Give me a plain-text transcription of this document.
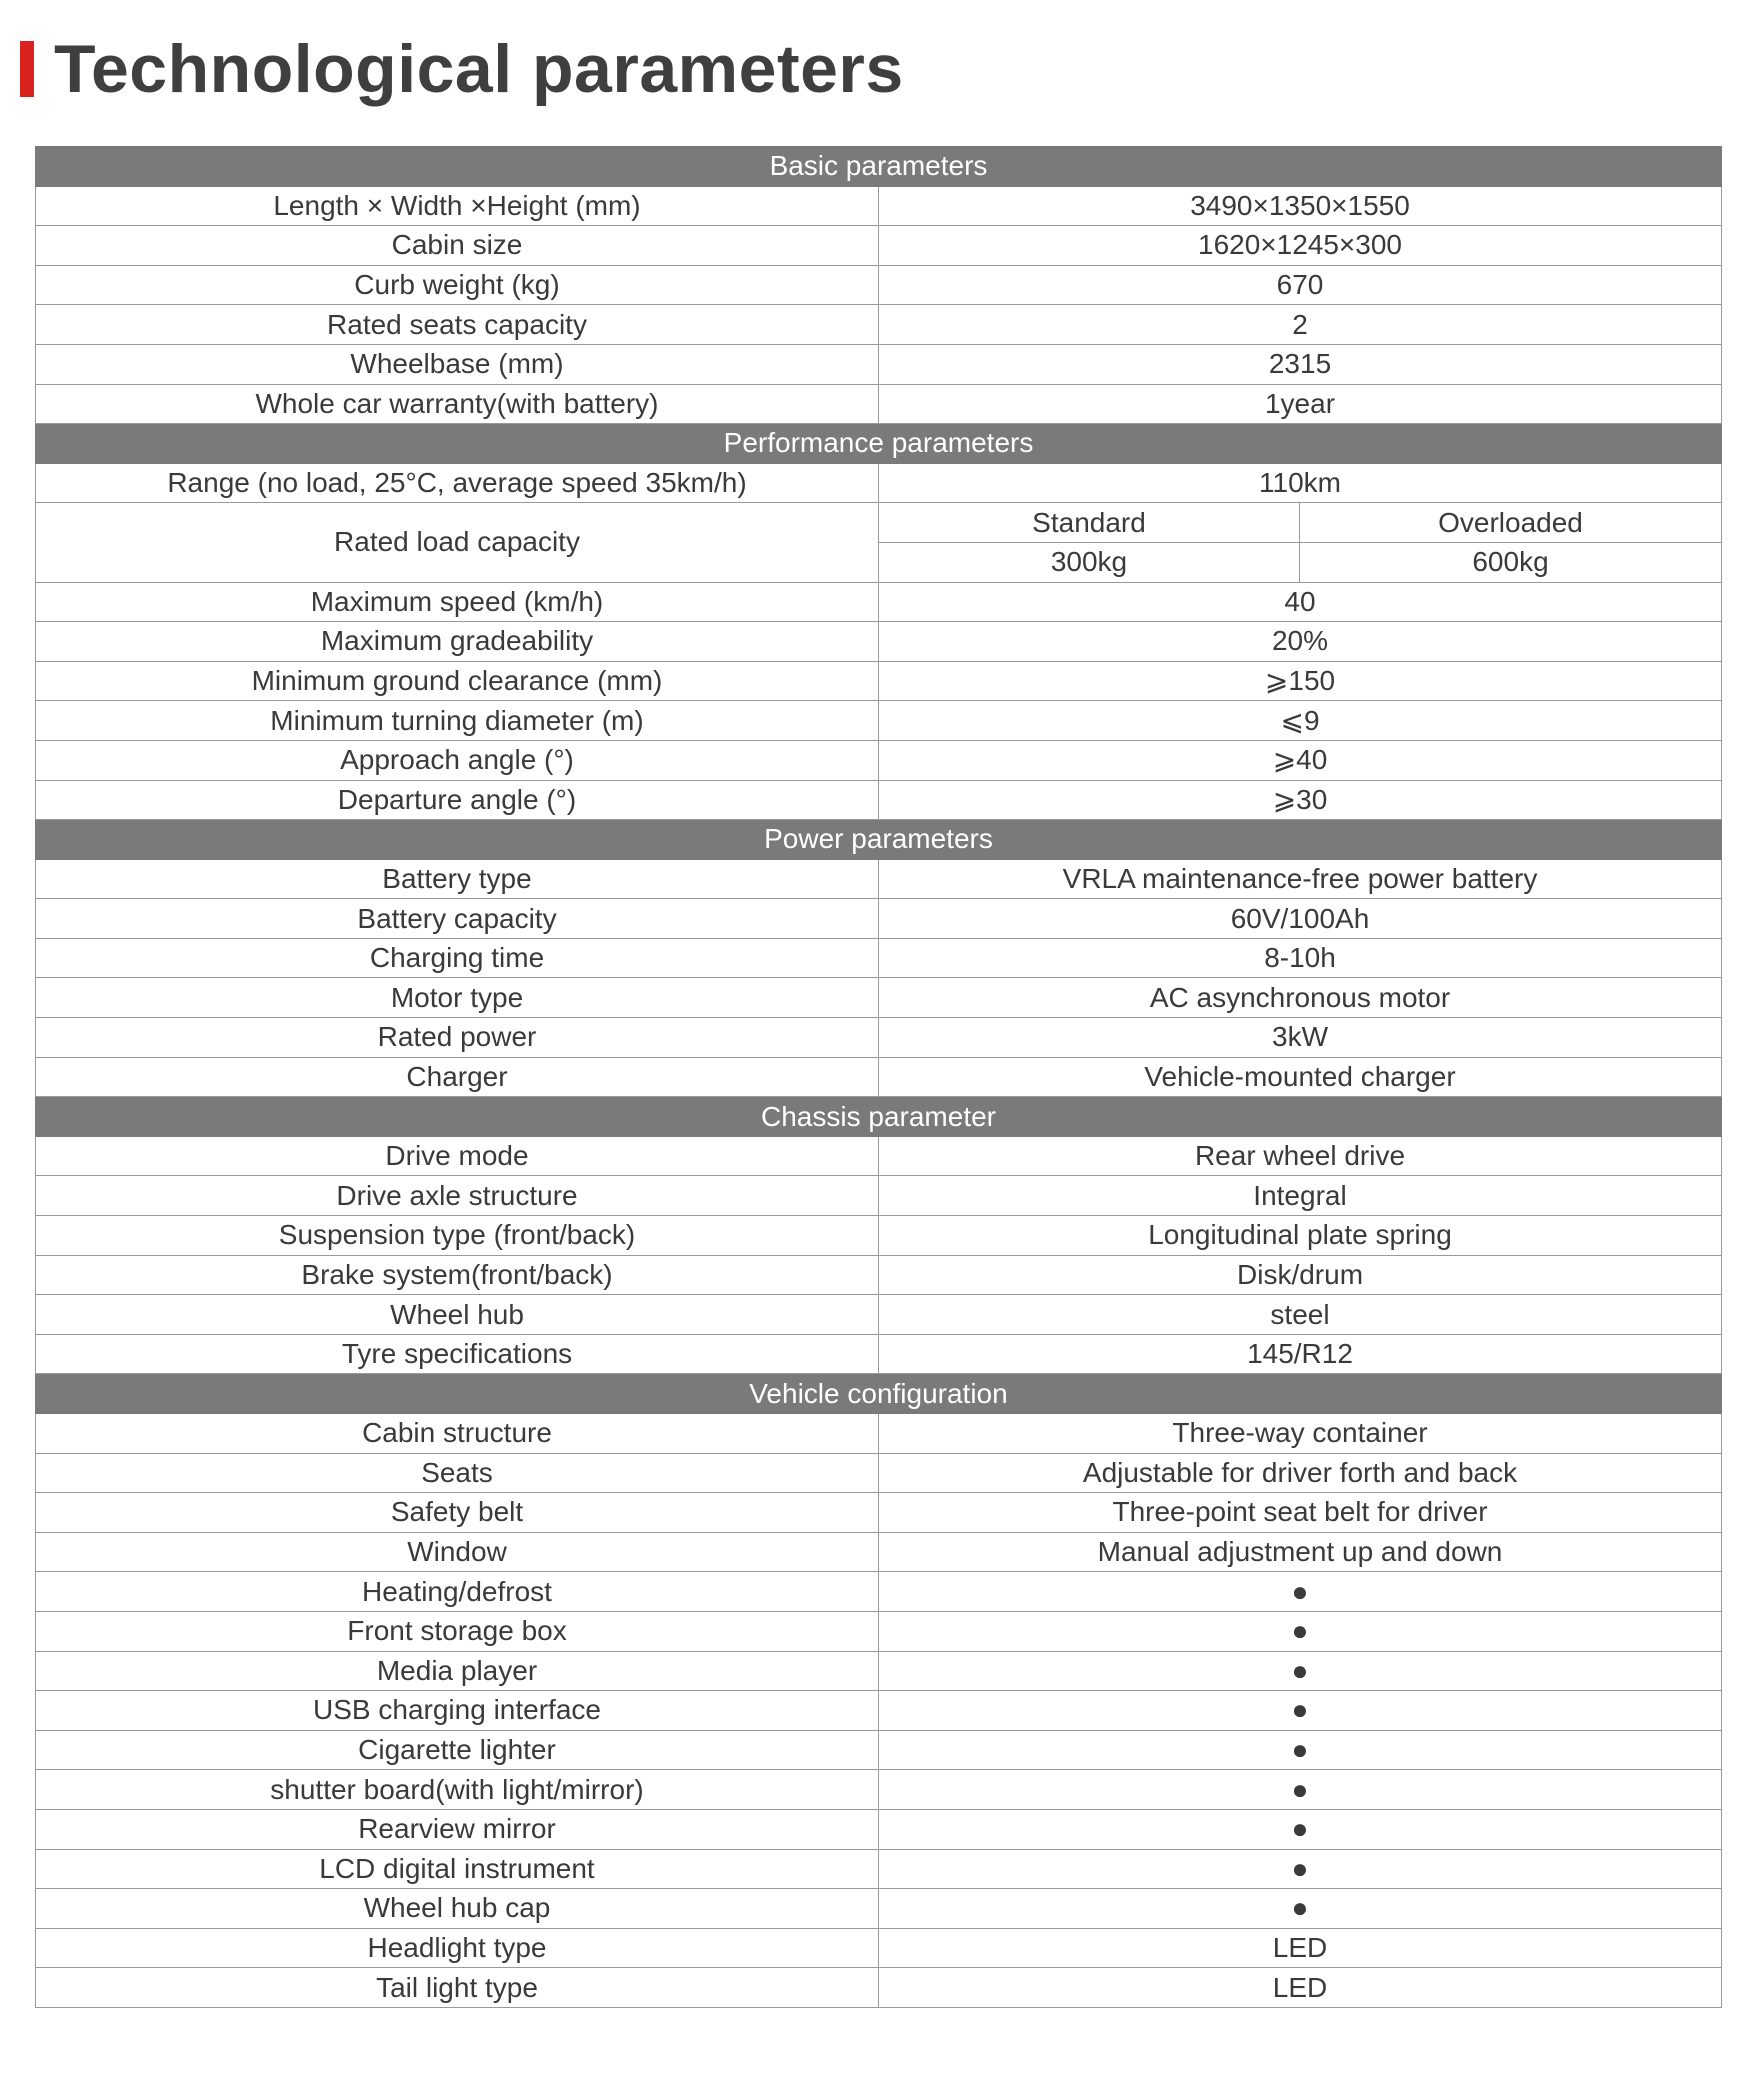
Technological parameters
Basic parameters		
Length × Width ×Height (mm)	3490×1350×1550	
Cabin size	1620×1245×300	
Curb weight (kg)	670	
Rated seats capacity	2	
Wheelbase (mm)	2315	
Whole car warranty(with battery)	1year	
Performance parameters		
Range (no load, 25°C, average speed 35km/h)	110km	
Rated load capacity	Standard	Overloaded
	300kg	600kg
Maximum speed (km/h)	40	
Maximum gradeability	20%	
Minimum ground clearance (mm)	⩾150	
Minimum turning diameter (m)	⩽9	
Approach angle (°)	⩾40	
Departure angle (°)	⩾30	
Power parameters		
Battery type	VRLA maintenance-free power battery	
Battery capacity	60V/100Ah	
Charging time	8-10h	
Motor type	AC asynchronous motor	
Rated power	3kW	
Charger	Vehicle-mounted charger	
Chassis parameter		
Drive mode	Rear wheel drive	
Drive axle structure	Integral	
Suspension type (front/back)	Longitudinal plate spring	
Brake system(front/back)	Disk/drum	
Wheel hub	steel	
Tyre specifications	145/R12	
Vehicle configuration		
Cabin structure	Three-way container	
Seats	Adjustable for driver forth and back	
Safety belt	Three-point seat belt for driver	
Window	Manual adjustment up and down	
Heating/defrost	●	
Front storage box	●	
Media player	●	
USB charging interface	●	
Cigarette lighter	●	
shutter board(with light/mirror)	●	
Rearview mirror	●	
LCD digital instrument	●	
Wheel hub cap	●	
Headlight type	LED	
Tail light type	LED	
